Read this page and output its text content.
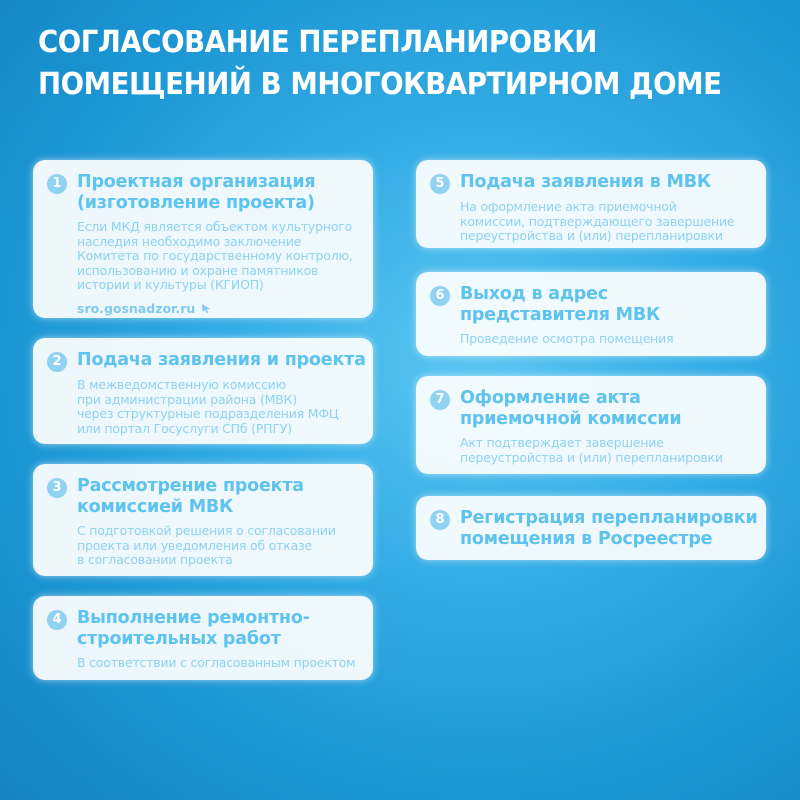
СОГЛАСОВАНИЕ ПЕРЕПЛАНИРОВКИ
ПОМЕЩЕНИЙ В МНОГОКВАРТИРНОМ ДОМЕ
1 Проектная организация
(изготовление проекта)
Если МКД является объектом культурного
наследия необходимо заключение
Комитета по государственному контролю,
использованию и охране памятников
истории и культуры (КГИОП)
sro.gosnadzor.ru
2 Подача заявления и проекта
В межведомственную комиссию
при администрации района (МВК)
через структурные подразделения МФЦ
или портал Госуслуги СПб (РПГУ)
3 Рассмотрение проекта
комиссией МВК
С подготовкой решения о согласовании
проекта или уведомления об отказе
в согласовании проекта
4 Выполнение ремонтно-
строительных работ
В соответствии с согласованным проектом
5 Подача заявления в МВК
На оформление акта приемочной
комиссии, подтверждающего завершение
переустройства и (или) перепланировки
6 Выход в адрес
представителя МВК
Проведение осмотра помещения
7 Оформление акта
приемочной комиссии
Акт подтверждает завершение
переустройства и (или) перепланировки
8 Регистрация перепланировки
помещения в Росреестре
